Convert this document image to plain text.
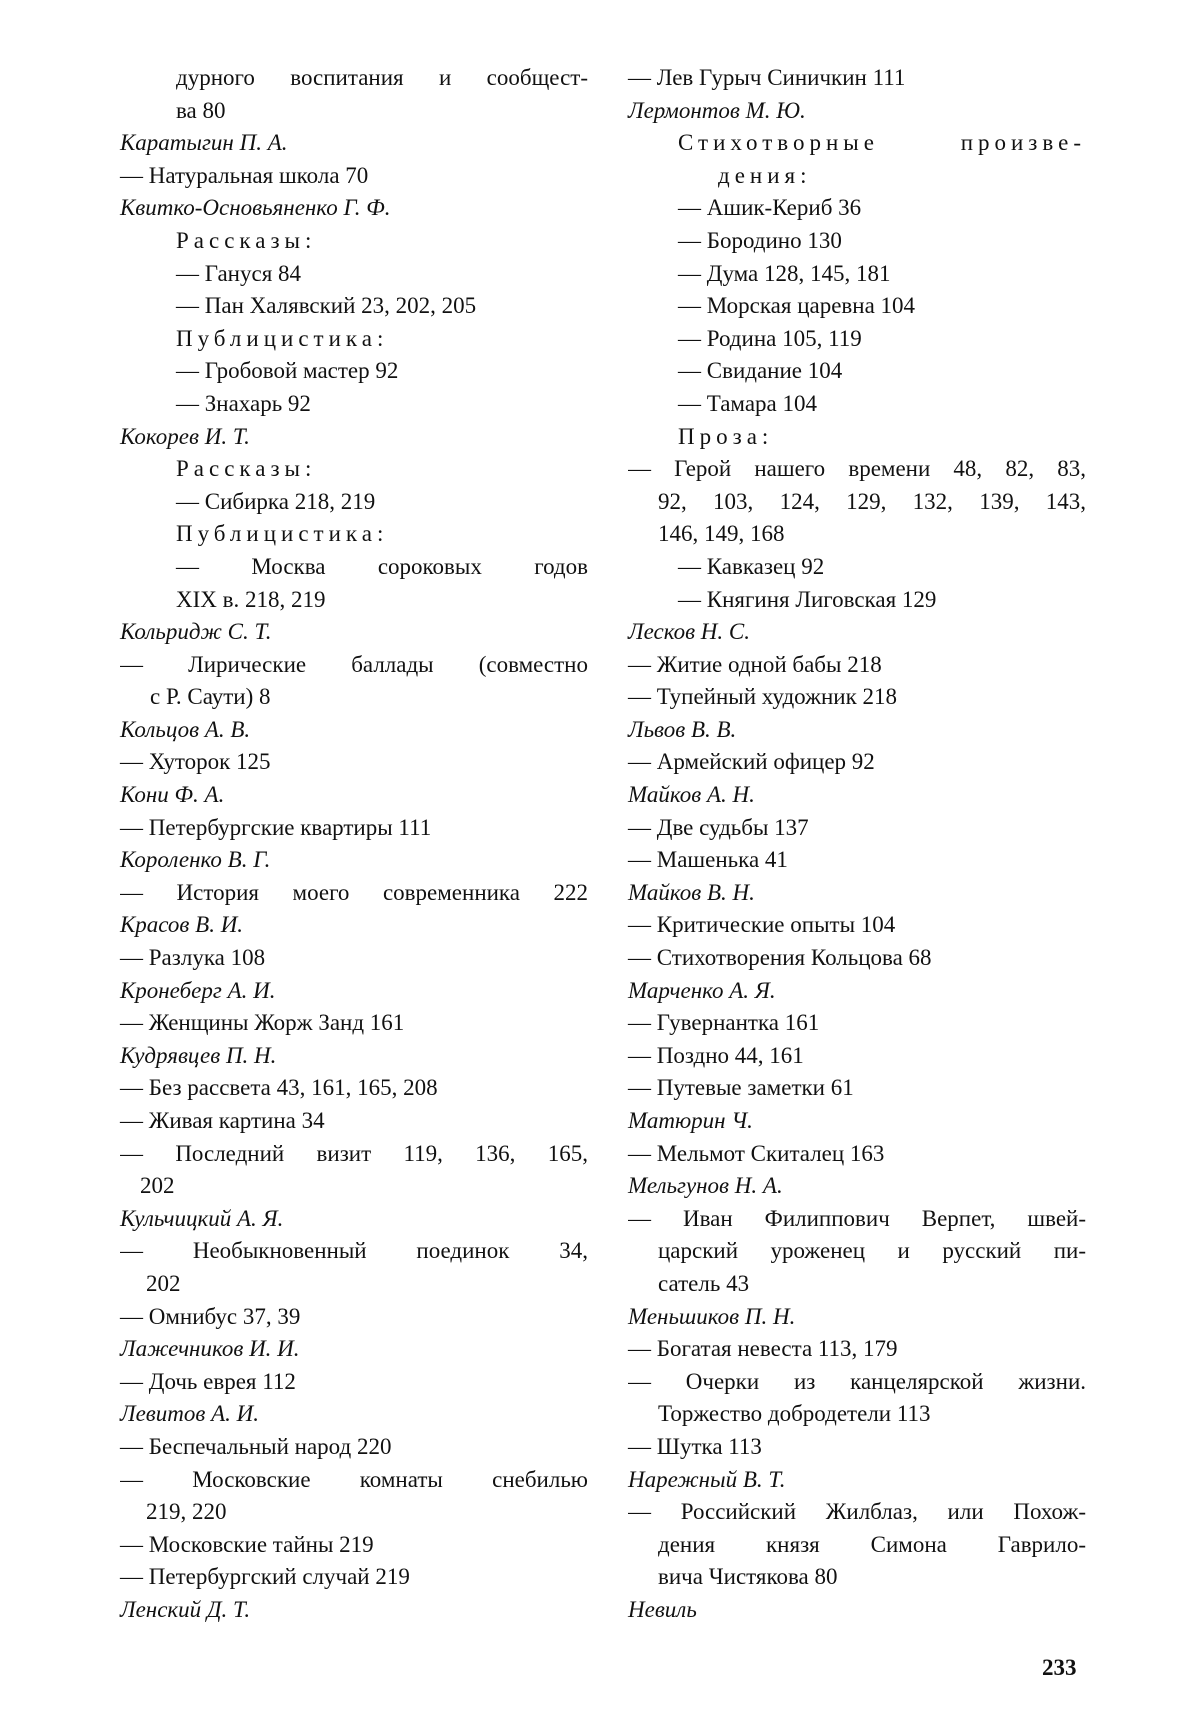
дурного воспитания и сообщест-
ва 80
Каратыгин П. А.
— Натуральная школа 70
Квитко-Основьяненко Г. Ф.
Рассказы:
— Гануся 84
— Пан Халявский 23, 202, 205
Публицистика:
— Гробовой мастер 92
— Знахарь 92
Кокорев И. Т.
Рассказы:
— Сибирка 218, 219
Публицистика:
— Москва сороковых годов
XIX в. 218, 219
Кольридж С. Т.
— Лирические баллады (совместно
с Р. Саути) 8
Кольцов А. В.
— Хуторок 125
Кони Ф. А.
— Петербургские квартиры 111
Короленко В. Г.
— История моего современника 222
Красов В. И.
— Разлука 108
Кронеберг А. И.
— Женщины Жорж Занд 161
Кудрявцев П. Н.
— Без рассвета 43, 161, 165, 208
— Живая картина 34
— Последний визит 119, 136, 165,
202
Кульчицкий А. Я.
— Необыкновенный поединок 34,
202
— Омнибус 37, 39
Лажечников И. И.
— Дочь еврея 112
Левитов А. И.
— Беспечальный народ 220
— Московские комнаты снебилью
219, 220
— Московские тайны 219
— Петербургский случай 219
Ленский Д. Т.
— Лев Гурыч Синичкин 111
Лермонтов М. Ю.
Стихотворные произве-
дения:
— Ашик-Кериб 36
— Бородино 130
— Дума 128, 145, 181
— Морская царевна 104
— Родина 105, 119
— Свидание 104
— Тамара 104
Проза:
— Герой нашего времени 48, 82, 83,
92, 103, 124, 129, 132, 139, 143,
146, 149, 168
— Кавказец 92
— Княгиня Лиговская 129
Лесков Н. С.
— Житие одной бабы 218
— Тупейный художник 218
Львов В. В.
— Армейский офицер 92
Майков А. Н.
— Две судьбы 137
— Машенька 41
Майков В. Н.
— Критические опыты 104
— Стихотворения Кольцова 68
Марченко А. Я.
— Гувернантка 161
— Поздно 44, 161
— Путевые заметки 61
Матюрин Ч.
— Мельмот Скиталец 163
Мельгунов Н. А.
— Иван Филиппович Верпет, швей-
царский уроженец и русский пи-
сатель 43
Меньшиков П. Н.
— Богатая невеста 113, 179
— Очерки из канцелярской жизни.
Торжество добродетели 113
— Шутка 113
Нарежный В. Т.
— Российский Жилблаз, или Похож-
дения князя Симона Гаврило-
вича Чистякова 80
Невиль
233
